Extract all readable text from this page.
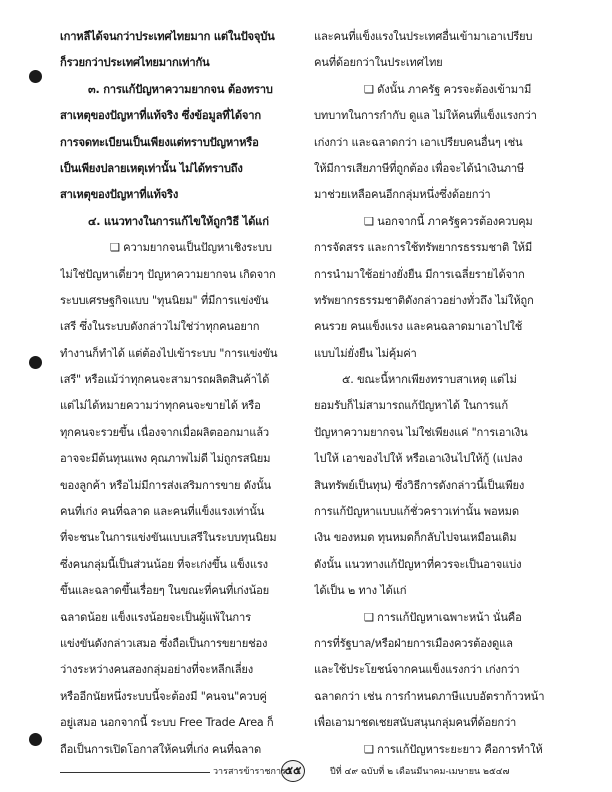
เกาหลีได้จนกว่าประเทศไทยมาก แต่ในปัจจุบัน
ก็รวยกว่าประเทศไทยมากเท่ากัน
๓. การแก้ปัญหาความยากจน ต้องทราบ
สาเหตุของปัญหาที่แท้จริง ซึ่งข้อมูลที่ได้จาก
การจดทะเบียนเป็นเพียงแต่ทราบปัญหาหรือ
เป็นเพียงปลายเหตุเท่านั้น ไม่ได้ทราบถึง
สาเหตุของปัญหาที่แท้จริง
๔. แนวทางในการแก้ไขให้ถูกวิธี ได้แก่
❑ ความยากจนเป็นปัญหาเชิงระบบ
ไม่ใช่ปัญหาเดี่ยวๆ ปัญหาความยากจน เกิดจาก
ระบบเศรษฐกิจแบบ "ทุนนิยม" ที่มีการแข่งขัน
เสรี ซึ่งในระบบดังกล่าวไม่ใช่ว่าทุกคนอยาก
ทำงานก็ทำได้ แต่ต้องไปเข้าระบบ "การแข่งขัน
เสรี" หรือแม้ว่าทุกคนจะสามารถผลิตสินค้าได้
แต่ไม่ได้หมายความว่าทุกคนจะขายได้ หรือ
ทุกคนจะรวยขึ้น เนื่องจากเมื่อผลิตออกมาแล้ว
อาจจะมีต้นทุนแพง คุณภาพไม่ดี ไม่ถูกรสนิยม
ของลูกค้า หรือไม่มีการส่งเสริมการขาย ดังนั้น
คนที่เก่ง คนที่ฉลาด และคนที่แข็งแรงเท่านั้น
ที่จะชนะในการแข่งขันแบบเสรีในระบบทุนนิยม
ซึ่งคนกลุ่มนี้เป็นส่วนน้อย ที่จะเก่งขึ้น แข็งแรง
ขึ้นและฉลาดขึ้นเรื่อยๆ ในขณะที่คนที่เก่งน้อย
ฉลาดน้อย แข็งแรงน้อยจะเป็นผู้แพ้ในการ
แข่งขันดังกล่าวเสมอ ซึ่งถือเป็นการขยายช่อง
ว่างระหว่างคนสองกลุ่มอย่างที่จะหลีกเลี่ยง
หรืออีกนัยหนึ่งระบบนี้จะต้องมี "คนจน"ควบคู่
อยู่เสมอ นอกจากนี้ ระบบ Free Trade Area ก็
ถือเป็นการเปิดโอกาสให้คนที่เก่ง คนที่ฉลาด
และคนที่แข็งแรงในประเทศอื่นเข้ามาเอาเปรียบ
คนที่ด้อยกว่าในประเทศไทย
❑ ดังนั้น ภาครัฐ ควรจะต้องเข้ามามี
บทบาทในการกำกับ ดูแล ไม่ให้คนที่แข็งแรงกว่า
เก่งกว่า และฉลาดกว่า เอาเปรียบคนอื่นๆ เช่น
ให้มีการเสียภาษีที่ถูกต้อง เพื่อจะได้นำเงินภาษี
มาช่วยเหลือคนอีกกลุ่มหนึ่งซึ่งด้อยกว่า
❑ นอกจากนี้ ภาครัฐควรต้องควบคุม
การจัดสรร และการใช้ทรัพยากรธรรมชาติ ให้มี
การนำมาใช้อย่างยั่งยืน มีการเฉลี่ยรายได้จาก
ทรัพยากรธรรมชาติดังกล่าวอย่างทั่วถึง ไม่ให้ถูก
คนรวย คนแข็งแรง และคนฉลาดมาเอาไปใช้
แบบไม่ยั่งยืน ไม่คุ้มค่า
๕. ขณะนี้หากเพียงทราบสาเหตุ แต่ไม่
ยอมรับก็ไม่สามารถแก้ปัญหาได้ ในการแก้
ปัญหาความยากจน ไม่ใช่เพียงแค่ "การเอาเงิน
ไปให้ เอาของไปให้ หรือเอาเงินไปให้กู้ (แปลง
สินทรัพย์เป็นทุน) ซึ่งวิธีการดังกล่าวนี้เป็นเพียง
การแก้ปัญหาแบบแก้ชั่วคราวเท่านั้น พอหมด
เงิน ของหมด ทุนหมดก็กลับไปจนเหมือนเดิม
ดังนั้น แนวทางแก้ปัญหาที่ควรจะเป็นอาจแบ่ง
ได้เป็น ๒ ทาง ได้แก่
❑ การแก้ปัญหาเฉพาะหน้า นั่นคือ
การที่รัฐบาล/หรือฝ่ายการเมืองควรต้องดูแล
และใช้ประโยชน์จากคนแข็งแรงกว่า เก่งกว่า
ฉลาดกว่า เช่น การกำหนดภาษีแบบอัตราก้าวหน้า
เพื่อเอามาชดเชยสนับสนุนกลุ่มคนที่ด้อยกว่า
❑ การแก้ปัญหาระยะยาว คือการทำให้
๕๕
วารสารข้าราชการ	ปีที่ ๔๙ ฉบับที่ ๒ เดือนมีนาคม-เมษายน ๒๕๔๗
